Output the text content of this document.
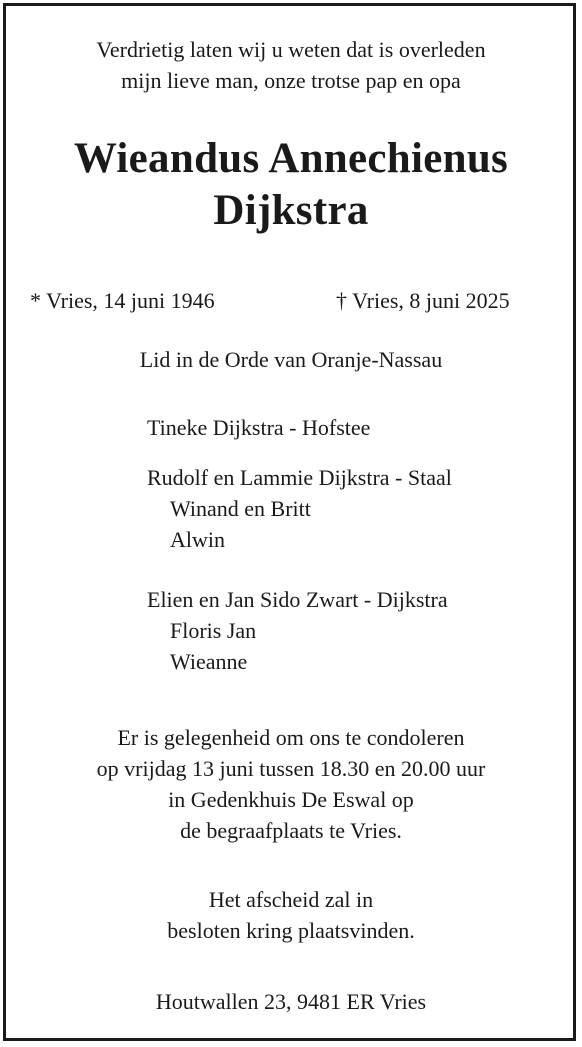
Verdrietig laten wij u weten dat is overleden
mijn lieve man, onze trotse pap en opa
Wieandus Annechienus
Dijkstra
* Vries, 14 juni 1946	† Vries, 8 juni 2025
Lid in de Orde van Oranje-Nassau
Tineke Dijkstra - Hofstee
Rudolf en Lammie Dijkstra - Staal
Winand en Britt
Alwin
Elien en Jan Sido Zwart - Dijkstra
Floris Jan
Wieanne
Er is gelegenheid om ons te condoleren
op vrijdag 13 juni tussen 18.30 en 20.00 uur
in Gedenkhuis De Eswal op
de begraafplaats te Vries.
Het afscheid zal in
besloten kring plaatsvinden.
Houtwallen 23, 9481 ER Vries
